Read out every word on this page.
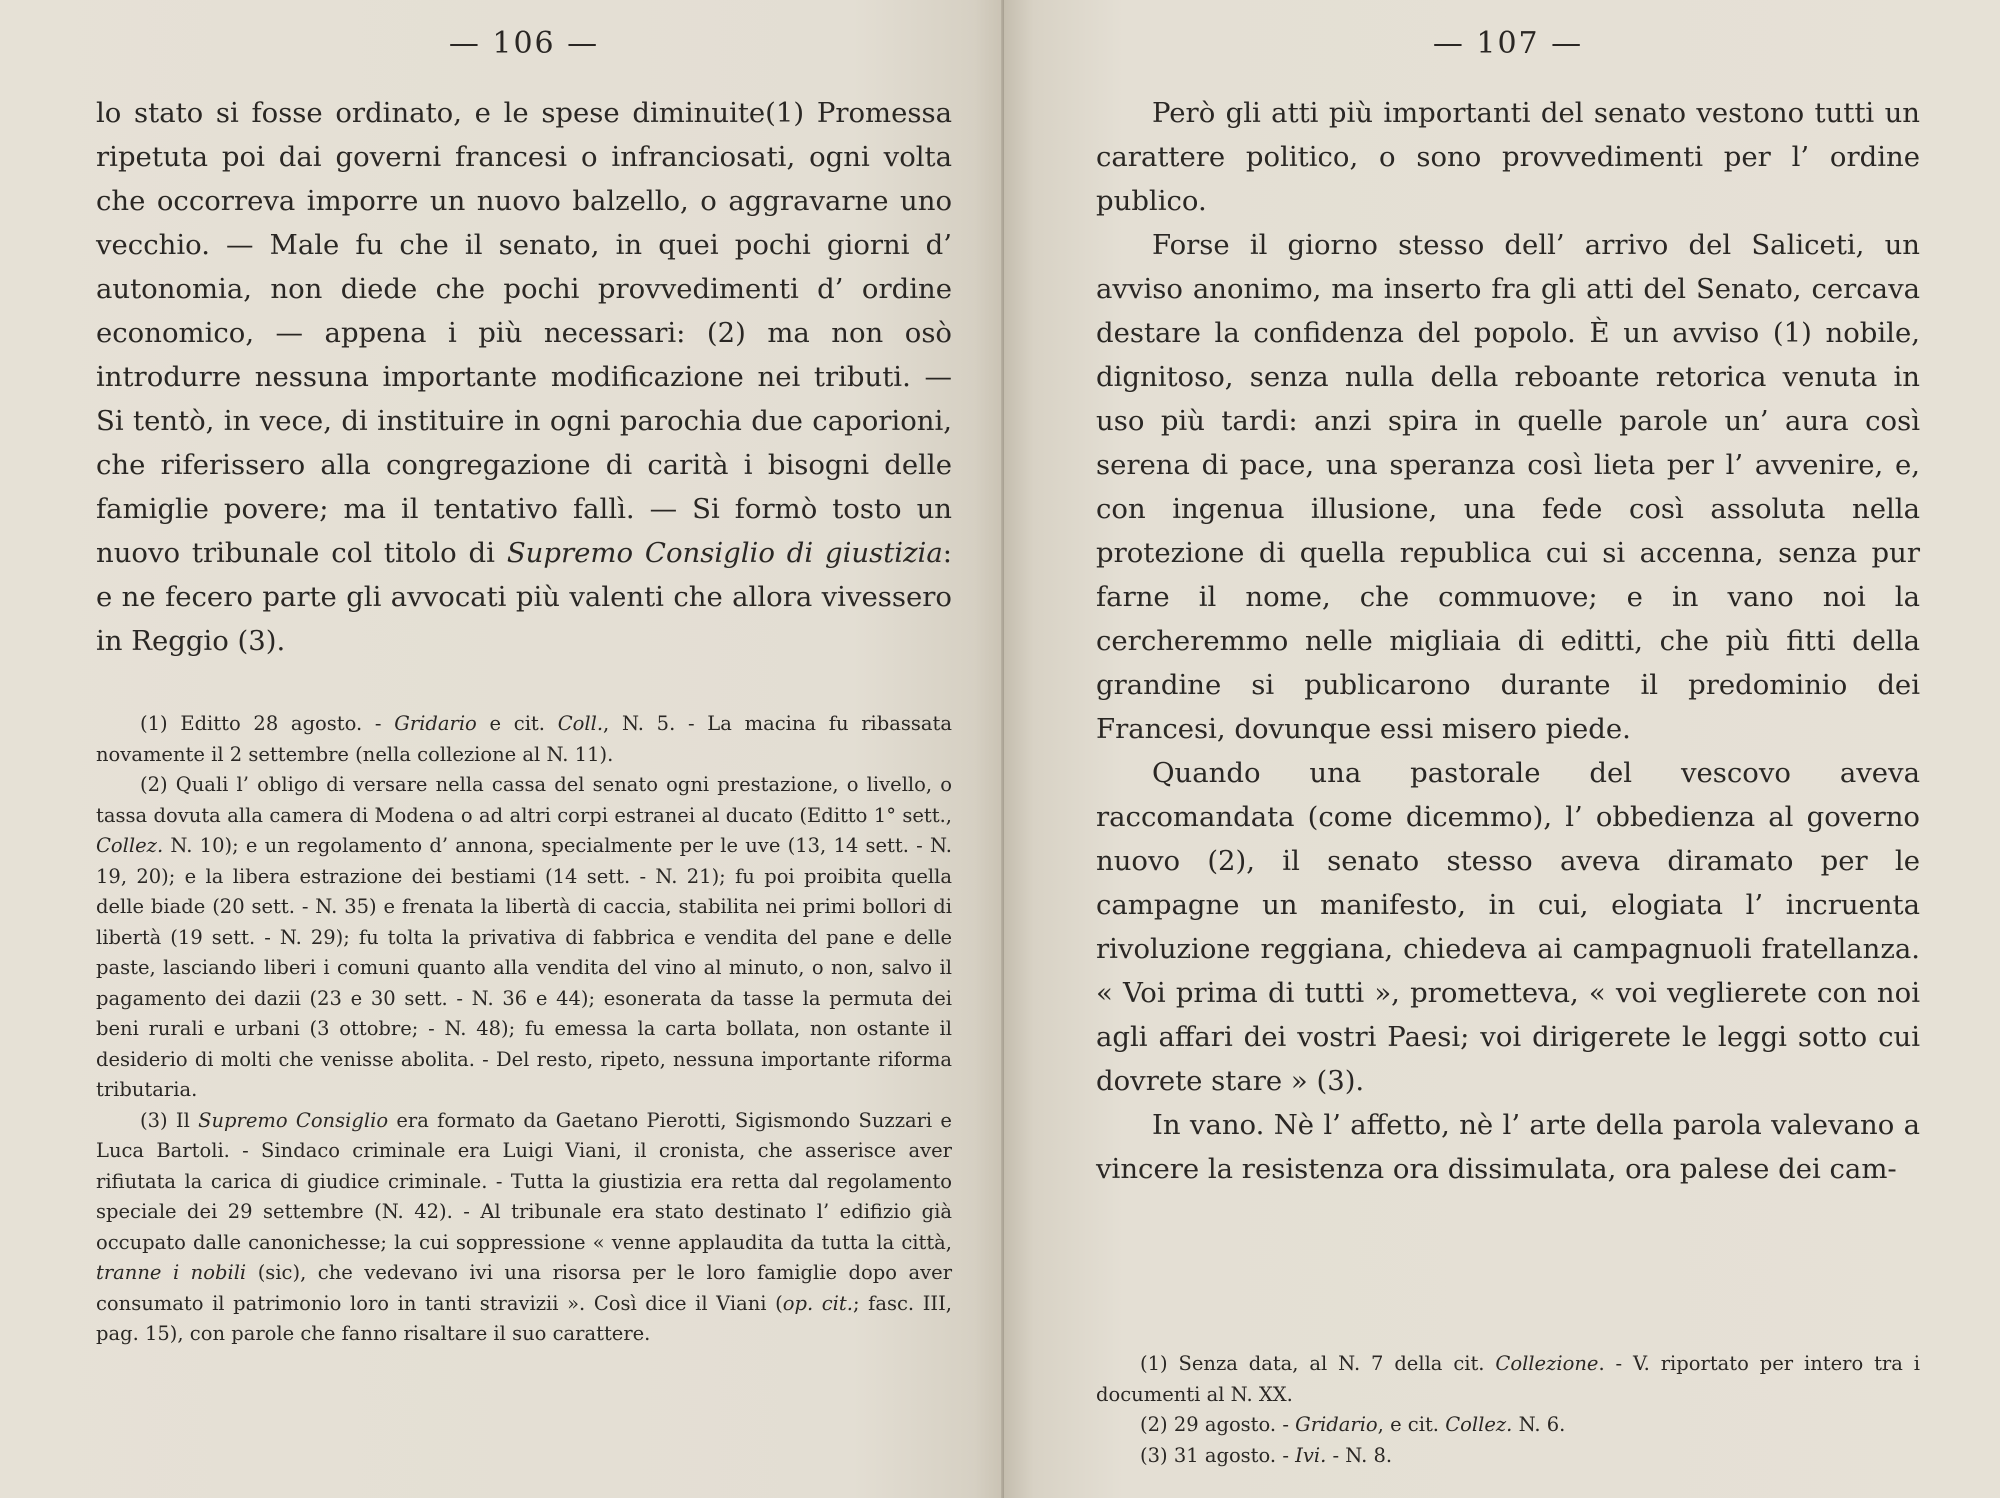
— 106 —

lo stato si fosse ordinato, e le spese diminuite(1) Promessa ripetuta poi dai governi francesi o infranciosati, ogni volta che occorreva imporre un nuovo balzello, o aggravarne uno vecchio. — Male fu che il senato, in quei pochi giorni d’ autonomia, non diede che pochi provvedimenti d’ ordine economico, — appena i più necessari: (2) ma non osò introdurre nessuna importante modificazione nei tributi. — Si tentò, in vece, di instituire in ogni parochia due caporioni, che riferissero alla congregazione di carità i bisogni delle famiglie povere; ma il tentativo fallì. — Si formò tosto un nuovo tribunale col titolo di Supremo Consiglio di giustizia: e ne fecero parte gli avvocati più valenti che allora vivessero in Reggio (3).

(1) Editto 28 agosto. - Gridario e cit. Coll., N. 5. - La macina fu ribassata novamente il 2 settembre (nella collezione al N. 11).

(2) Quali l’ obligo di versare nella cassa del senato ogni prestazione, o livello, o tassa dovuta alla camera di Modena o ad altri corpi estranei al ducato (Editto 1° sett., Collez. N. 10); e un regolamento d’ annona, specialmente per le uve (13, 14 sett. - N. 19, 20); e la libera estrazione dei bestiami (14 sett. - N. 21); fu poi proibita quella delle biade (20 sett. - N. 35) e frenata la libertà di caccia, stabilita nei primi bollori di libertà (19 sett. - N. 29); fu tolta la privativa di fabbrica e vendita del pane e delle paste, lasciando liberi i comuni quanto alla vendita del vino al minuto, o non, salvo il pagamento dei dazii (23 e 30 sett. - N. 36 e 44); esonerata da tasse la permuta dei beni rurali e urbani (3 ottobre; - N. 48); fu emessa la carta bollata, non ostante il desiderio di molti che venisse abolita. - Del resto, ripeto, nessuna importante riforma tributaria.

(3) Il Supremo Consiglio era formato da Gaetano Pierotti, Sigismondo Suzzari e Luca Bartoli. - Sindaco criminale era Luigi Viani, il cronista, che asserisce aver rifiutata la carica di giudice criminale. - Tutta la giustizia era retta dal regolamento speciale dei 29 settembre (N. 42). - Al tribunale era stato destinato l’ edifizio già occupato dalle canonichesse; la cui soppressione « venne applaudita da tutta la città, tranne i nobili (sic), che vedevano ivi una risorsa per le loro famiglie dopo aver consumato il patrimonio loro in tanti stravizii ». Così dice il Viani (op. cit.; fasc. III, pag. 15), con parole che fanno risaltare il suo carattere.

— 107 —

Però gli atti più importanti del senato vestono tutti un carattere politico, o sono provvedimenti per l’ ordine publico.

Forse il giorno stesso dell’ arrivo del Saliceti, un avviso anonimo, ma inserto fra gli atti del Senato, cercava destare la confidenza del popolo. È un avviso (1) nobile, dignitoso, senza nulla della reboante retorica venuta in uso più tardi: anzi spira in quelle parole un’ aura così serena di pace, una speranza così lieta per l’ avvenire, e, con ingenua illusione, una fede così assoluta nella protezione di quella republica cui si accenna, senza pur farne il nome, che commuove; e in vano noi la cercheremmo nelle migliaia di editti, che più fitti della grandine si publicarono durante il predominio dei Francesi, dovunque essi misero piede.

Quando una pastorale del vescovo aveva raccomandata (come dicemmo), l’ obbedienza al governo nuovo (2), il senato stesso aveva diramato per le campagne un manifesto, in cui, elogiata l’ incruenta rivoluzione reggiana, chiedeva ai campagnuoli fratellanza. « Voi prima di tutti », prometteva, « voi veglierete con noi agli affari dei vostri Paesi; voi dirigerete le leggi sotto cui dovrete stare » (3).

In vano. Nè l’ affetto, nè l’ arte della parola valevano a vincere la resistenza ora dissimulata, ora palese dei cam-

(1) Senza data, al N. 7 della cit. Collezione. - V. riportato per intero tra i documenti al N. XX.

(2) 29 agosto. - Gridario, e cit. Collez. N. 6.

(3) 31 agosto. - Ivi. - N. 8.
